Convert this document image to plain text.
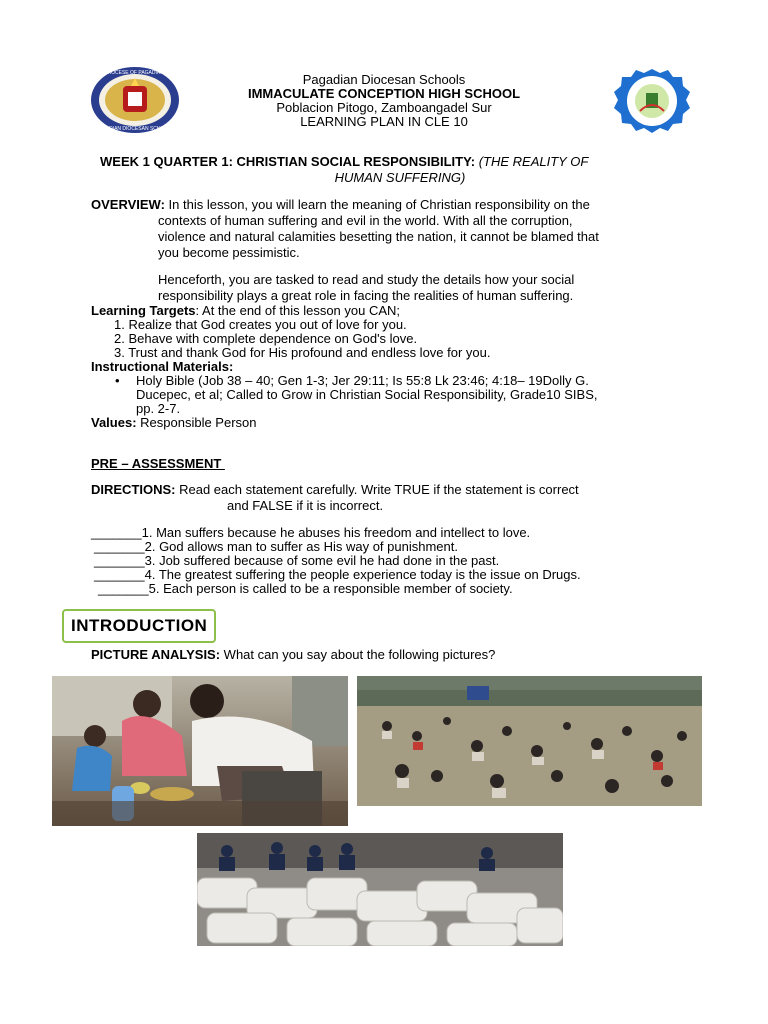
DIOCESE OF PAGADIAN
PAGADIAN DIOCESAN SCHOOLS
Pagadian Diocesan Schools
IMMACULATE CONCEPTION HIGH SCHOOL
Poblacion Pitogo, Zamboangadel Sur
LEARNING PLAN IN CLE 10
WEEK 1 QUARTER 1: CHRISTIAN SOCIAL RESPONSIBILITY: (THE REALITY OF
HUMAN SUFFERING)
OVERVIEW: In this lesson, you will learn the meaning of Christian responsibility on the
contexts of human suffering and evil in the world. With all the corruption,
violence and natural calamities besetting the nation, it cannot be blamed that
you become pessimistic.
Henceforth, you are tasked to read and study the details how your social
responsibility plays a great role in facing the realities of human suffering.
Learning Targets: At the end of this lesson you CAN;
1. Realize that God creates you out of love for you.
2. Behave with complete dependence on God's love.
3. Trust and thank God for His profound and endless love for you.
Instructional Materials:
• Holy Bible (Job 38 – 40; Gen 1-3; Jer 29:11; Is 55:8 Lk 23:46; 4:18– 19Dolly G.
Ducepec, et al; Called to Grow in Christian Social Responsibility, Grade10 SIBS,
pp. 2-7.
Values: Responsible Person
PRE – ASSESSMENT
DIRECTIONS: Read each statement carefully. Write TRUE if the statement is correct
and FALSE if it is incorrect.
_______1. Man suffers because he abuses his freedom and intellect to love.
_______2. God allows man to suffer as His way of punishment.
_______3. Job suffered because of some evil he had done in the past.
_______4. The greatest suffering the people experience today is the issue on Drugs.
_______5. Each person is called to be a responsible member of society.
INTRODUCTION
PICTURE ANALYSIS: What can you say about the following pictures?
